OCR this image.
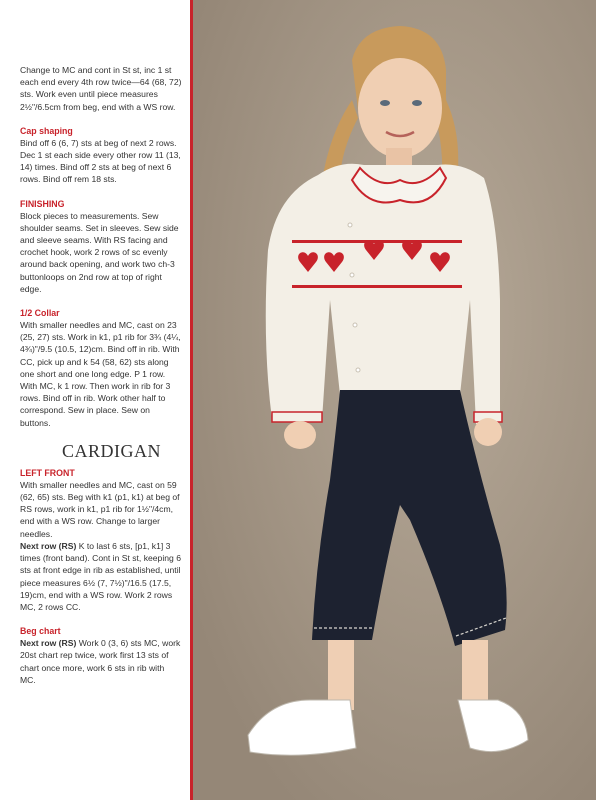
Change to MC and cont in St st, inc 1 st each end every 4th row twice—64 (68, 72) sts. Work even until piece measures 2½"/6.5cm from beg, end with a WS row.

Cap shaping

Bind off 6 (6, 7) sts at beg of next 2 rows. Dec 1 st each side every other row 11 (13, 14) times. Bind off 2 sts at beg of next 6 rows. Bind off rem 18 sts.

FINISHING

Block pieces to measurements. Sew shoulder seams. Set in sleeves. Sew side and sleeve seams. With RS facing and crochet hook, work 2 rows of sc evenly around back opening, and work two ch-3 buttonloops on 2nd row at top of right edge.

1/2 Collar

With smaller needles and MC, cast on 23 (25, 27) sts. Work in k1, p1 rib for 3¾ (4¼, 4¾)"/9.5 (10.5, 12)cm. Bind off in rib. With CC, pick up and k 54 (58, 62) sts along one short and one long edge. P 1 row. With MC, k 1 row. Then work in rib for 3 rows. Bind off in rib. Work other half to correspond. Sew in place. Sew on buttons.

CARDIGAN

LEFT FRONT

With smaller needles and MC, cast on 59 (62, 65) sts. Beg with k1 (p1, k1) at beg of RS rows, work in k1, p1 rib for 1½"/4cm, end with a WS row. Change to larger needles.

Next row (RS) K to last 6 sts, [p1, k1] 3 times (front band). Cont in St st, keeping 6 sts at front edge in rib as established, until piece measures 6½ (7, 7½)"/16.5 (17.5, 19)cm, end with a WS row. Work 2 rows MC, 2 rows CC.

Beg chart

Next row (RS) Work 0 (3, 6) sts MC, work 20st chart rep twice, work first 13 sts of chart once more, work 6 sts in rib with MC.
